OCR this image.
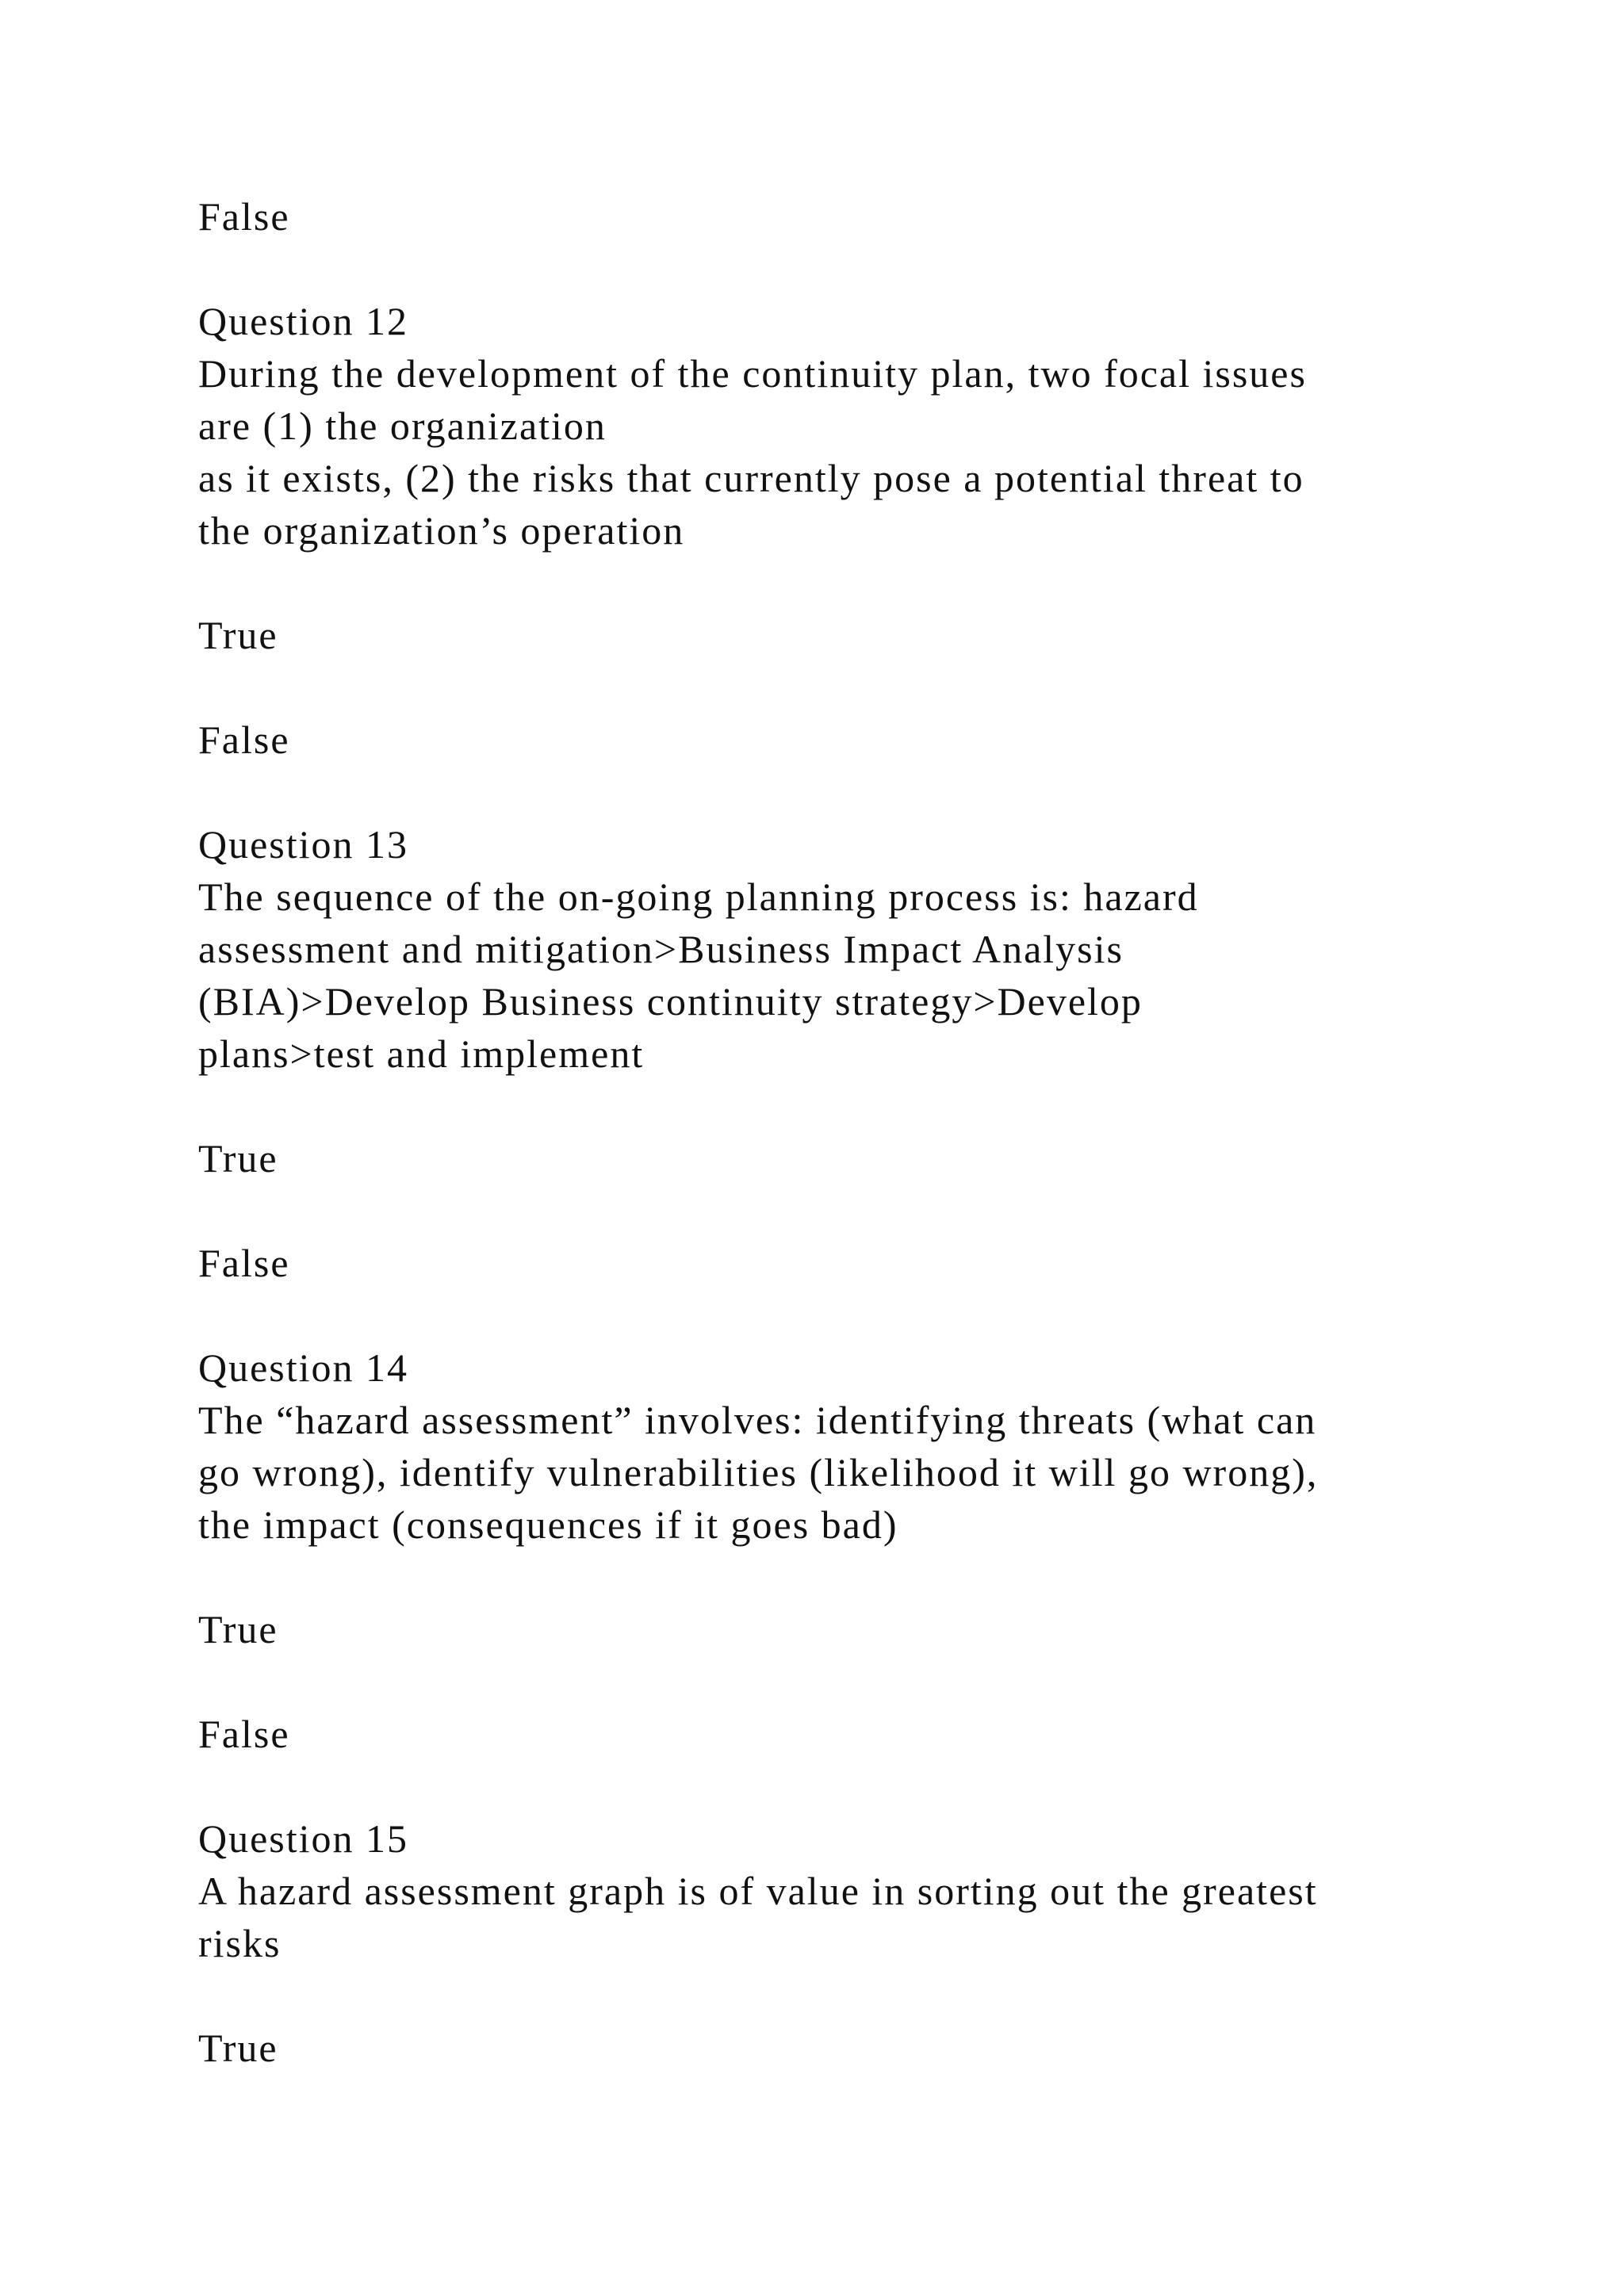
False

Question 12

During the development of the continuity plan, two focal issues

are (1) the organization

as it exists, (2) the risks that currently pose a potential threat to

the organization’s operation

True

False

Question 13

The sequence of the on-going planning process is: hazard

assessment and mitigation>Business Impact Analysis

(BIA)>Develop Business continuity strategy>Develop

plans>test and implement

True

False

Question 14

The “hazard assessment” involves: identifying threats (what can

go wrong), identify vulnerabilities (likelihood it will go wrong),

the impact (consequences if it goes bad)

True

False

Question 15

A hazard assessment graph is of value in sorting out the greatest

risks

True
